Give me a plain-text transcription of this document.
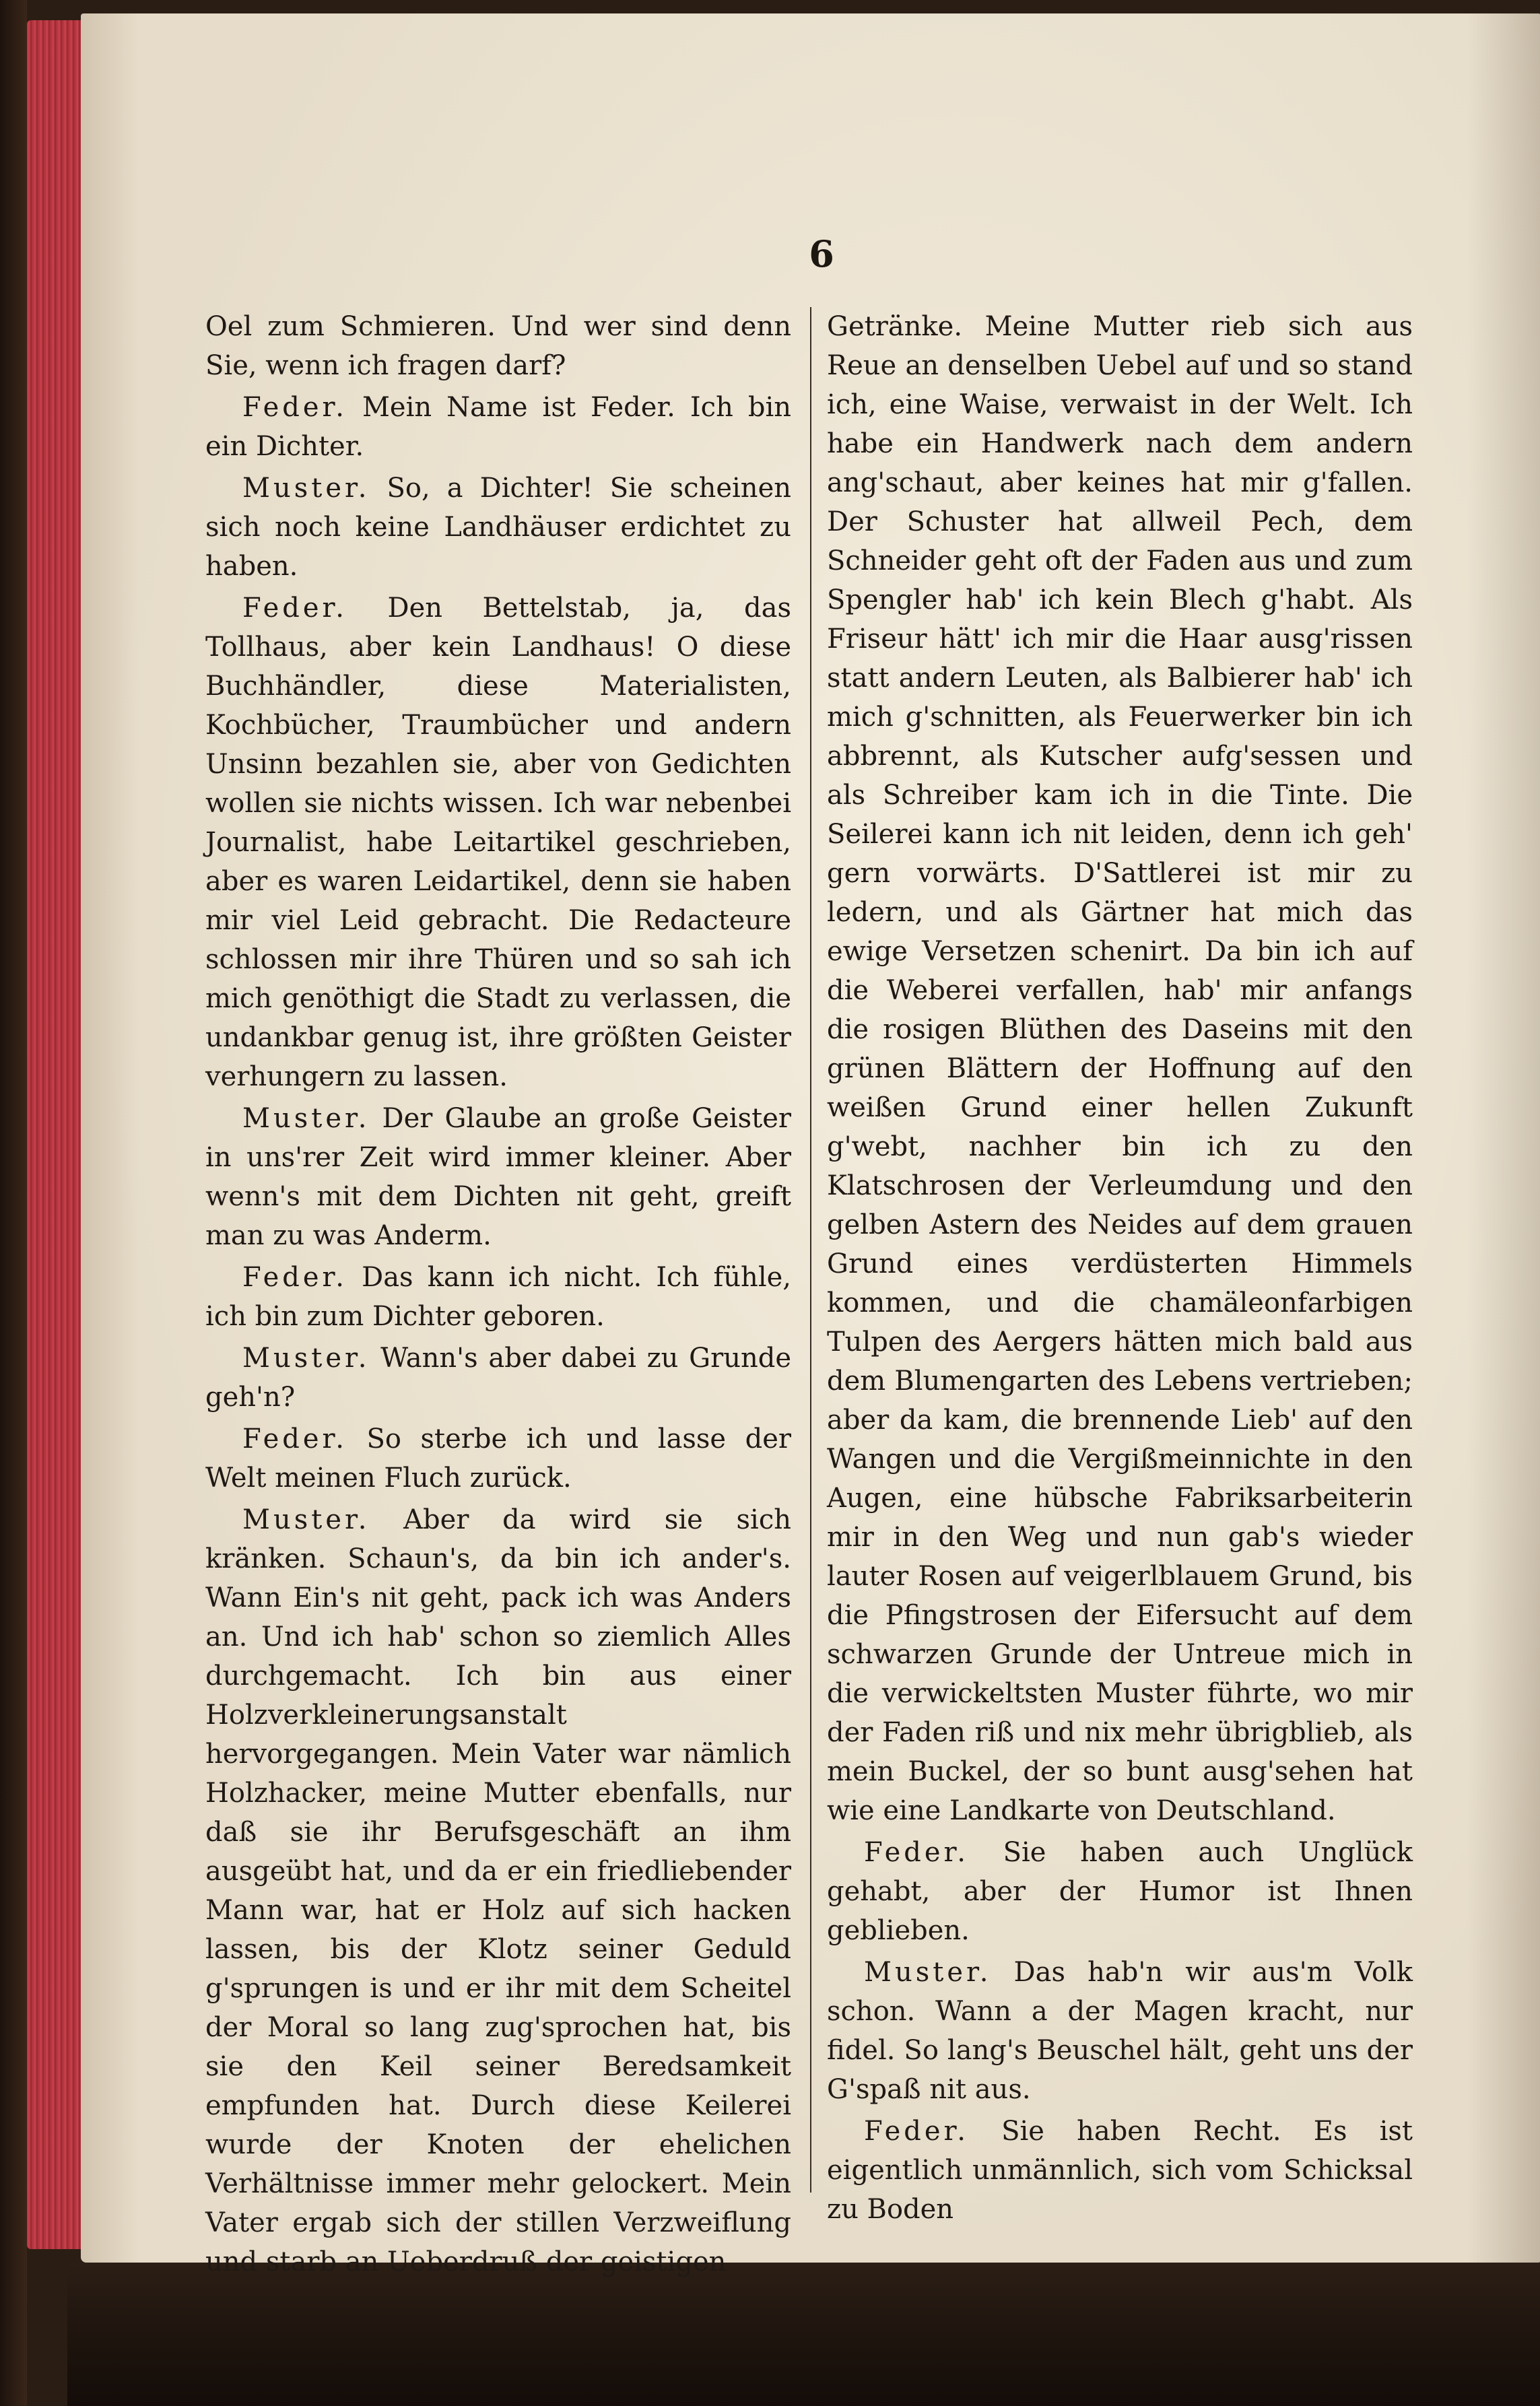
6

Oel zum Schmieren. Und wer sind denn Sie, wenn ich fragen darf?

Feder. Mein Name ist Feder. Ich bin ein Dichter.

Muster. So, a Dichter! Sie scheinen sich noch keine Landhäuser erdichtet zu haben.

Feder. Den Bettelstab, ja, das Tollhaus, aber kein Landhaus! O diese Buchhändler, diese Materialisten, Kochbücher, Traumbücher und andern Unsinn bezahlen sie, aber von Gedichten wollen sie nichts wissen. Ich war nebenbei Journalist, habe Leitartikel geschrieben, aber es waren Leidartikel, denn sie haben mir viel Leid gebracht. Die Redacteure schlossen mir ihre Thüren und so sah ich mich genöthigt die Stadt zu verlassen, die undankbar genug ist, ihre größten Geister verhungern zu lassen.

Muster. Der Glaube an große Geister in uns'rer Zeit wird immer kleiner. Aber wenn's mit dem Dichten nit geht, greift man zu was Anderm.

Feder. Das kann ich nicht. Ich fühle, ich bin zum Dichter geboren.

Muster. Wann's aber dabei zu Grunde geh'n?

Feder. So sterbe ich und lasse der Welt meinen Fluch zurück.

Muster. Aber da wird sie sich kränken. Schaun's, da bin ich ander's. Wann Ein's nit geht, pack ich was Anders an. Und ich hab' schon so ziemlich Alles durchgemacht. Ich bin aus einer Holzverkleinerungsanstalt hervorgegangen. Mein Vater war nämlich Holzhacker, meine Mutter ebenfalls, nur daß sie ihr Berufsgeschäft an ihm ausgeübt hat, und da er ein friedliebender Mann war, hat er Holz auf sich hacken lassen, bis der Klotz seiner Geduld g'sprungen is und er ihr mit dem Scheitel der Moral so lang zug'sprochen hat, bis sie den Keil seiner Beredsamkeit empfunden hat. Durch diese Keilerei wurde der Knoten der ehelichen Verhältnisse immer mehr gelockert. Mein Vater ergab sich der stillen Verzweiflung und starb an Ueberdruß der geistigen

Getränke. Meine Mutter rieb sich aus Reue an denselben Uebel auf und so stand ich, eine Waise, verwaist in der Welt. Ich habe ein Handwerk nach dem andern ang'schaut, aber keines hat mir g'fallen. Der Schuster hat allweil Pech, dem Schneider geht oft der Faden aus und zum Spengler hab' ich kein Blech g'habt. Als Friseur hätt' ich mir die Haar ausg'rissen statt andern Leuten, als Balbierer hab' ich mich g'schnitten, als Feuerwerker bin ich abbrennt, als Kutscher aufg'sessen und als Schreiber kam ich in die Tinte. Die Seilerei kann ich nit leiden, denn ich geh' gern vorwärts. D'Sattlerei ist mir zu ledern, und als Gärtner hat mich das ewige Versetzen schenirt. Da bin ich auf die Weberei verfallen, hab' mir anfangs die rosigen Blüthen des Daseins mit den grünen Blättern der Hoffnung auf den weißen Grund einer hellen Zukunft g'webt, nachher bin ich zu den Klatschrosen der Verleumdung und den gelben Astern des Neides auf dem grauen Grund eines verdüsterten Himmels kommen, und die chamäleonfarbigen Tulpen des Aergers hätten mich bald aus dem Blumengarten des Lebens vertrieben; aber da kam, die brennende Lieb' auf den Wangen und die Vergißmeinnichte in den Augen, eine hübsche Fabriksarbeiterin mir in den Weg und nun gab's wieder lauter Rosen auf veigerlblauem Grund, bis die Pfingstrosen der Eifersucht auf dem schwarzen Grunde der Untreue mich in die verwickeltsten Muster führte, wo mir der Faden riß und nix mehr übrigblieb, als mein Buckel, der so bunt ausg'sehen hat wie eine Landkarte von Deutschland.

Feder. Sie haben auch Unglück gehabt, aber der Humor ist Ihnen geblieben.

Muster. Das hab'n wir aus'm Volk schon. Wann a der Magen kracht, nur fidel. So lang's Beuschel hält, geht uns der G'spaß nit aus.

Feder. Sie haben Recht. Es ist eigentlich unmännlich, sich vom Schicksal zu Boden
